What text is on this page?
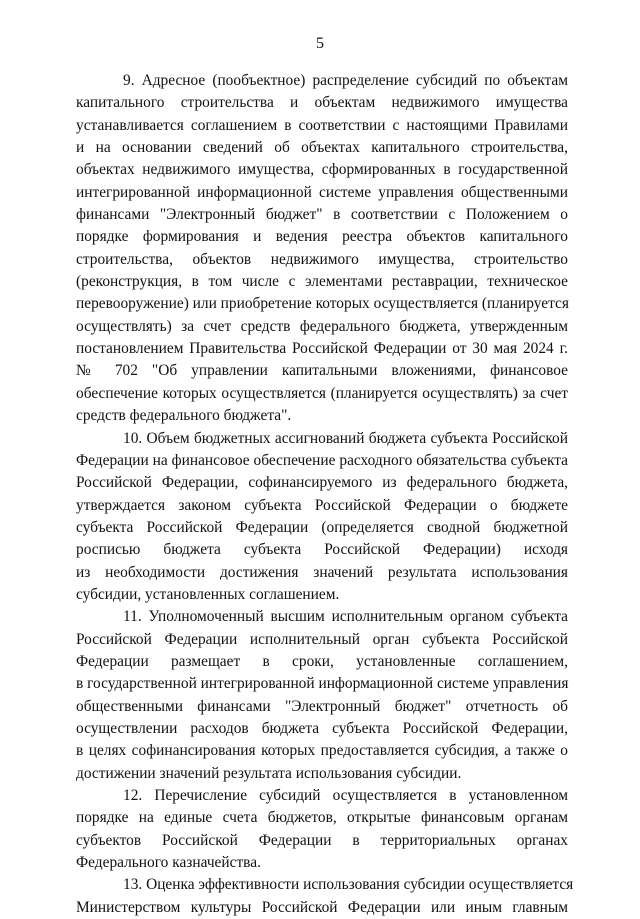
5
9. Адресное (пообъектное) распределение субсидий по объектам
капитального строительства и объектам недвижимого имущества
устанавливается соглашением в соответствии с настоящими Правилами
и на основании сведений об объектах капитального строительства,
объектах недвижимого имущества, сформированных в государственной
интегрированной информационной системе управления общественными
финансами "Электронный бюджет" в соответствии с Положением о
порядке формирования и ведения реестра объектов капитального
строительства, объектов недвижимого имущества, строительство
(реконструкция, в том числе с элементами реставрации, техническое
перевооружение) или приобретение которых осуществляется (планируется
осуществлять) за счет средств федерального бюджета, утвержденным
постановлением Правительства Российской Федерации от 30 мая 2024 г.
№ 702 "Об управлении капитальными вложениями, финансовое
обеспечение которых осуществляется (планируется осуществлять) за счет
средств федерального бюджета".
10. Объем бюджетных ассигнований бюджета субъекта Российской
Федерации на финансовое обеспечение расходного обязательства субъекта
Российской Федерации, софинансируемого из федерального бюджета,
утверждается законом субъекта Российской Федерации о бюджете
субъекта Российской Федерации (определяется сводной бюджетной
росписью бюджета субъекта Российской Федерации) исходя
из необходимости достижения значений результата использования
субсидии, установленных соглашением.
11. Уполномоченный высшим исполнительным органом субъекта
Российской Федерации исполнительный орган субъекта Российской
Федерации размещает в сроки, установленные соглашением,
в государственной интегрированной информационной системе управления
общественными финансами "Электронный бюджет" отчетность об
осуществлении расходов бюджета субъекта Российской Федерации,
в целях софинансирования которых предоставляется субсидия, а также о
достижении значений результата использования субсидии.
12. Перечисление субсидий осуществляется в установленном
порядке на единые счета бюджетов, открытые финансовым органам
субъектов Российской Федерации в территориальных органах
Федерального казначейства.
13. Оценка эффективности использования субсидии осуществляется
Министерством культуры Российской Федерации или иным главным
